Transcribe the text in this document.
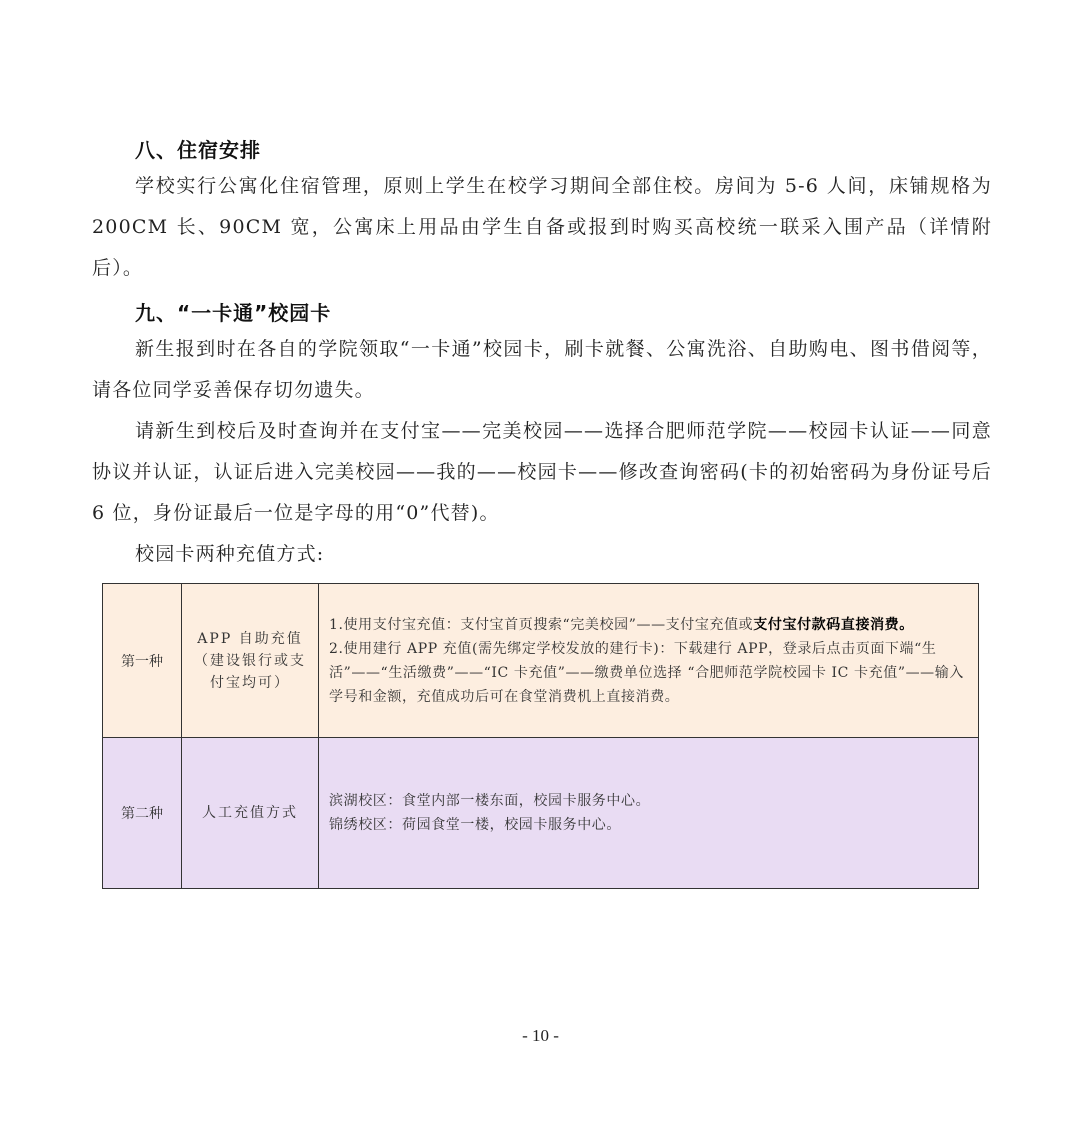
八、住宿安排
学校实行公寓化住宿管理，原则上学生在校学习期间全部住校。房间为 5-6 人间，床铺规格为 200CM 长、90CM 宽，公寓床上用品由学生自备或报到时购买高校统一联采入围产品（详情附后）。
九、“一卡通”校园卡
新生报到时在各自的学院领取“一卡通”校园卡，刷卡就餐、公寓洗浴、自助购电、图书借阅等，请各位同学妥善保存切勿遗失。
请新生到校后及时查询并在支付宝——完美校园——选择合肥师范学院——校园卡认证——同意协议并认证，认证后进入完美校园——我的——校园卡——修改查询密码(卡的初始密码为身份证号后 6 位，身份证最后一位是字母的用“0”代替)。
校园卡两种充值方式:
第一种	APP 自助充值（建设银行或支付宝均可）	1.使用支付宝充值：支付宝首页搜索“完美校园”——支付宝充值或支付宝付款码直接消费。
2.使用建行 APP 充值(需先绑定学校发放的建行卡)：下载建行 APP，登录后点击页面下端“生活”——“生活缴费”——“IC 卡充值”——缴费单位选择 “合肥师范学院校园卡 IC 卡充值”——输入学号和金额，充值成功后可在食堂消费机上直接消费。

第二种	人工充值方式	滨湖校区：食堂内部一楼东面，校园卡服务中心。
锦绣校区：荷园食堂一楼，校园卡服务中心。
- 10 -
